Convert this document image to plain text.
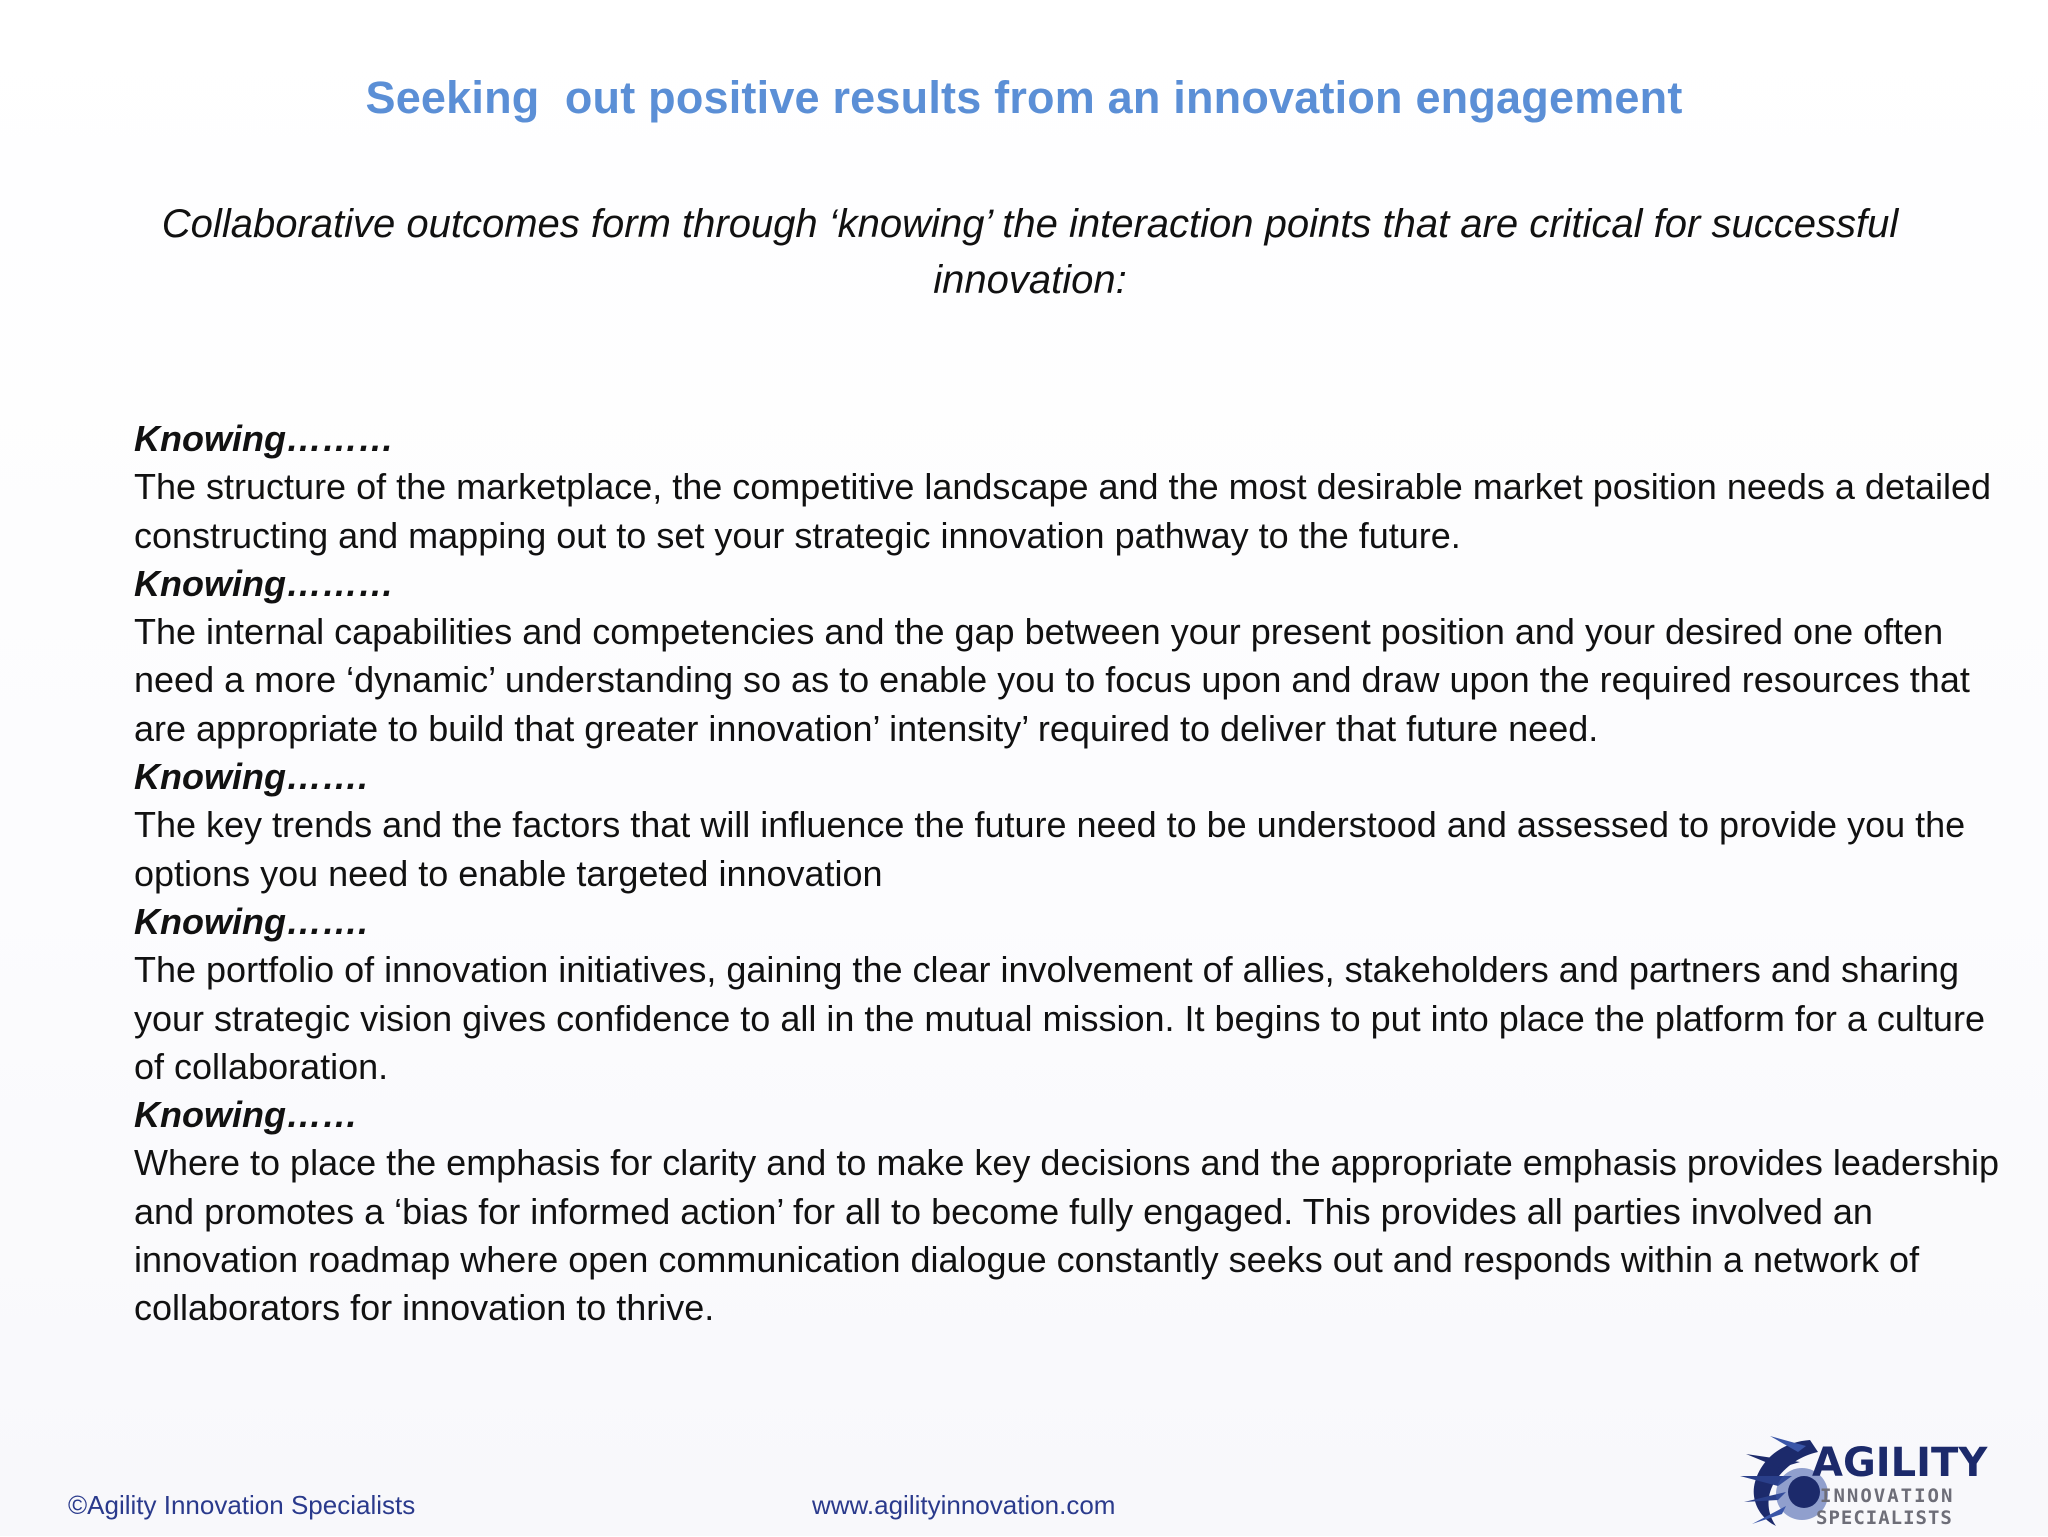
Seeking  out positive results from an innovation engagement
Collaborative outcomes form through ‘knowing’ the interaction points that are critical for successful innovation:
Knowing………
The structure of the marketplace, the competitive landscape and the most desirable market position needs a detailed constructing and mapping out to set your strategic innovation pathway to the future.
Knowing………
The internal capabilities and competencies and the gap between your present position and your desired one often need a more ‘dynamic’ understanding so as to enable you to focus upon and draw upon the required resources that are appropriate to build that greater innovation’ intensity’ required to deliver that future need.
Knowing…….
The key trends and the factors that will influence the future need to be understood and assessed to provide you the options you need to enable targeted innovation
Knowing…….
The portfolio of innovation initiatives, gaining the clear involvement of allies, stakeholders and partners and sharing your strategic vision gives confidence to all in the mutual mission. It begins to put into place the platform for a culture of collaboration.
Knowing……
Where to place the emphasis for clarity and to make key decisions and the appropriate emphasis provides leadership and promotes a ‘bias for informed action’ for all to become fully engaged. This provides all parties involved an innovation roadmap where open communication dialogue constantly seeks out and responds within a network of collaborators for innovation to thrive.
©Agility Innovation Specialists	www.agilityinnovation.com
AGILITY
INNOVATION
SPECIALISTS
